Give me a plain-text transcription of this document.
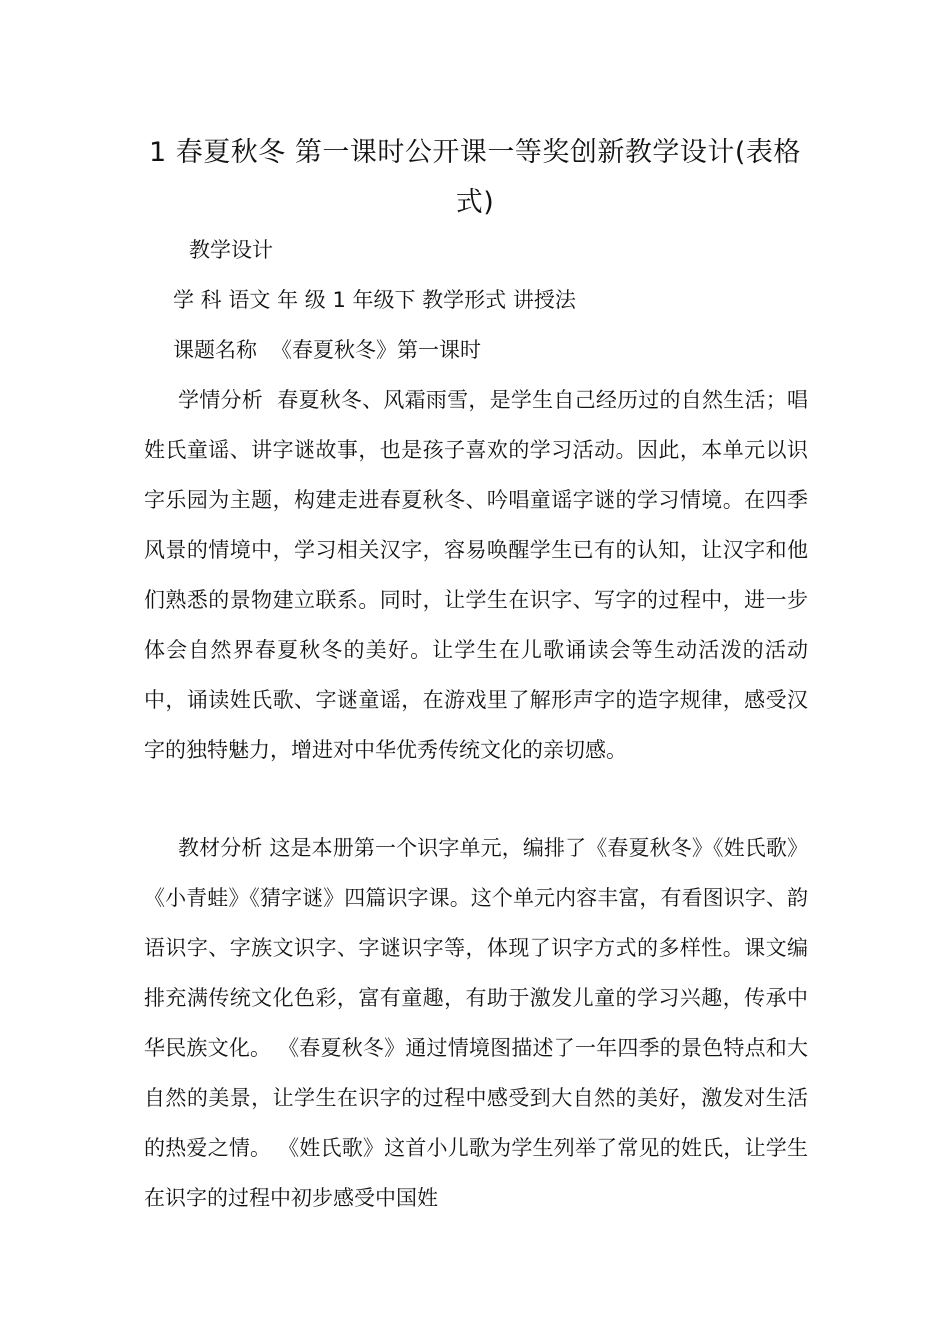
1 春夏秋冬 第一课时公开课一等奖创新教学设计(表格式)
教学设计
学 科 语文 年 级 1 年级下 教学形式 讲授法
课题名称 《春夏秋冬》第一课时
学情分析 春夏秋冬、风霜雨雪，是学生自己经历过的自然生活；唱姓氏童谣、讲字谜故事，也是孩子喜欢的学习活动。因此，本单元以识字乐园为主题，构建走进春夏秋冬、吟唱童谣字谜的学习情境。在四季风景的情境中，学习相关汉字，容易唤醒学生已有的认知，让汉字和他们熟悉的景物建立联系。同时，让学生在识字、写字的过程中，进一步体会自然界春夏秋冬的美好。让学生在儿歌诵读会等生动活泼的活动中，诵读姓氏歌、字谜童谣，在游戏里了解形声字的造字规律，感受汉字的独特魅力，增进对中华优秀传统文化的亲切感。
教材分析 这是本册第一个识字单元，编排了《春夏秋冬》《姓氏歌》《小青蛙》《猜字谜》四篇识字课。这个单元内容丰富，有看图识字、韵语识字、字族文识字、字谜识字等，体现了识字方式的多样性。课文编排充满传统文化色彩，富有童趣，有助于激发儿童的学习兴趣，传承中华民族文化。 《春夏秋冬》通过情境图描述了一年四季的景色特点和大自然的美景，让学生在识字的过程中感受到大自然的美好，激发对生活的热爱之情。 《姓氏歌》这首小儿歌为学生列举了常见的姓氏，让学生在识字的过程中初步感受中国姓
